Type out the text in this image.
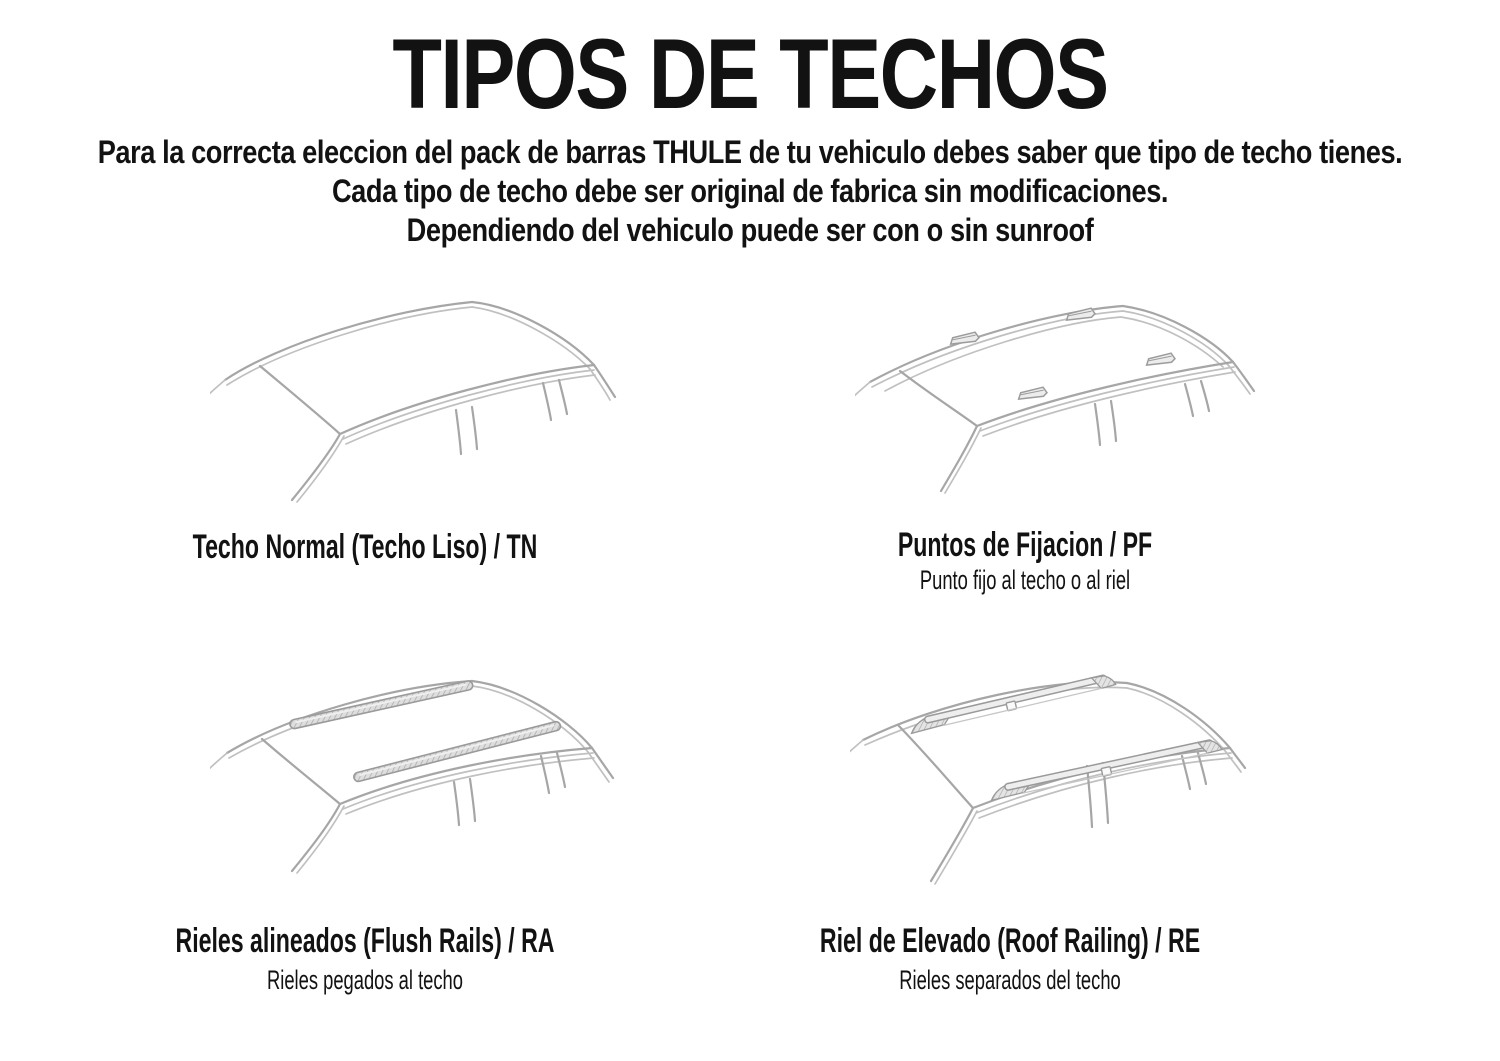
TIPOS DE TECHOS
Para la correcta eleccion del pack de barras THULE de tu vehiculo debes saber que tipo de techo tienes.
Cada tipo de techo debe ser original de fabrica sin modificaciones.
Dependiendo del vehiculo puede ser con o sin sunroof
Techo Normal (Techo Liso) / TN	Puntos de Fijacion / PF

Punto fijo al techo o al riel

Rieles alineados (Flush Rails) / RA

Rieles pegados al techo

Riel de Elevado (Roof Railing) / RE

Rieles separados del techo
